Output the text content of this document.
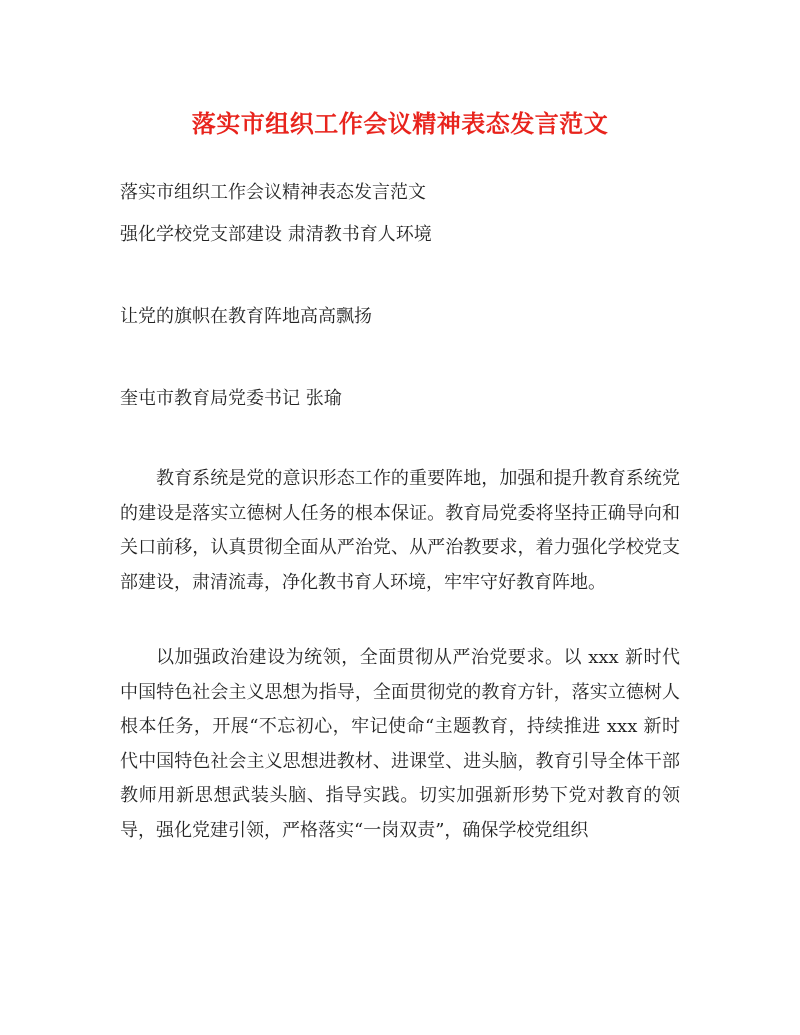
落实市组织工作会议精神表态发言范文
落实市组织工作会议精神表态发言范文
强化学校党支部建设 肃清教书育人环境
让党的旗帜在教育阵地高高飘扬
奎屯市教育局党委书记 张瑜
教育系统是党的意识形态工作的重要阵地，加强和提升教育系统党的建设是落实立德树人任务的根本保证。教育局党委将坚持正确导向和关口前移，认真贯彻全面从严治党、从严治教要求，着力强化学校党支部建设，肃清流毒，净化教书育人环境，牢牢守好教育阵地。
以加强政治建设为统领，全面贯彻从严治党要求。以 xxx 新时代中国特色社会主义思想为指导，全面贯彻党的教育方针，落实立德树人根本任务，开展“不忘初心，牢记使命“主题教育，持续推进 xxx 新时代中国特色社会主义思想进教材、进课堂、进头脑，教育引导全体干部教师用新思想武装头脑、指导实践。切实加强新形势下党对教育的领导，强化党建引领，严格落实“一岗双责”，确保学校党组织
